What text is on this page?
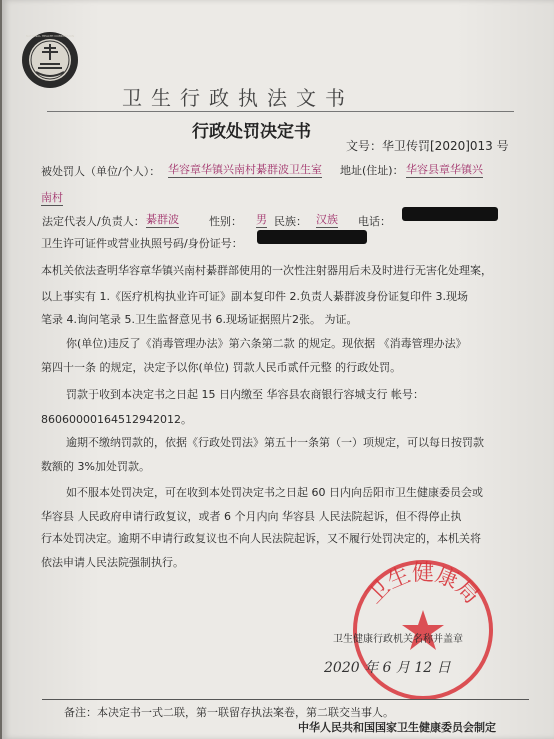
NATIONAL HEALTH COMMISSION
卫生行政执法文书
行政处罚决定书
文号：华卫传罚[2020]013 号
被处罚人（单位/个人）： 华容章华镇兴南村綦群波卫生室 地址(住址)： 华容县章华镇兴
南村
法定代表人/负责人： 綦群波	性别： 男 民族： 汉族 电话：
卫生许可证件或营业执照号码/身份证号：
本机关依法查明华容章华镇兴南村綦群部使用的一次性注射器用后未及时进行无害化处理案，
以上事实有 1.《医疗机构执业许可证》副本复印件 2.负责人綦群波身份证复印件 3.现场
笔录 4.询问笔录 5.卫生监督意见书 6.现场证据照片2张。 为证。
你(单位)违反了《消毒管理办法》第六条第二款 的规定。现依据 《消毒管理办法》
第四十一条 的规定，决定予以你(单位) 罚款人民币贰仟元整 的行政处罚。
罚款于收到本决定书之日起 15 日内缴至 华容县农商银行容城支行 帐号：
86060000164512942012。
逾期不缴纳罚款的，依据《行政处罚法》第五十一条第（一）项规定，可以每日按罚款
数额的 3%加处罚款。
如不服本处罚决定，可在收到本处罚决定书之日起 60 日内向岳阳市卫生健康委员会或
华容县 人民政府申请行政复议，或者 6 个月内向 华容县 人民法院起诉，但不得停止执
行本处罚决定。逾期不申请行政复议也不向人民法院起诉，又不履行处罚决定的，本机关将
依法申请人民法院强制执行。
卫生健康局
卫生健康行政机关名称并盖章
2020 年 6 月 12 日
备注：本决定书一式二联，第一联留存执法案卷，第二联交当事人。
中华人民共和国国家卫生健康委员会制定
